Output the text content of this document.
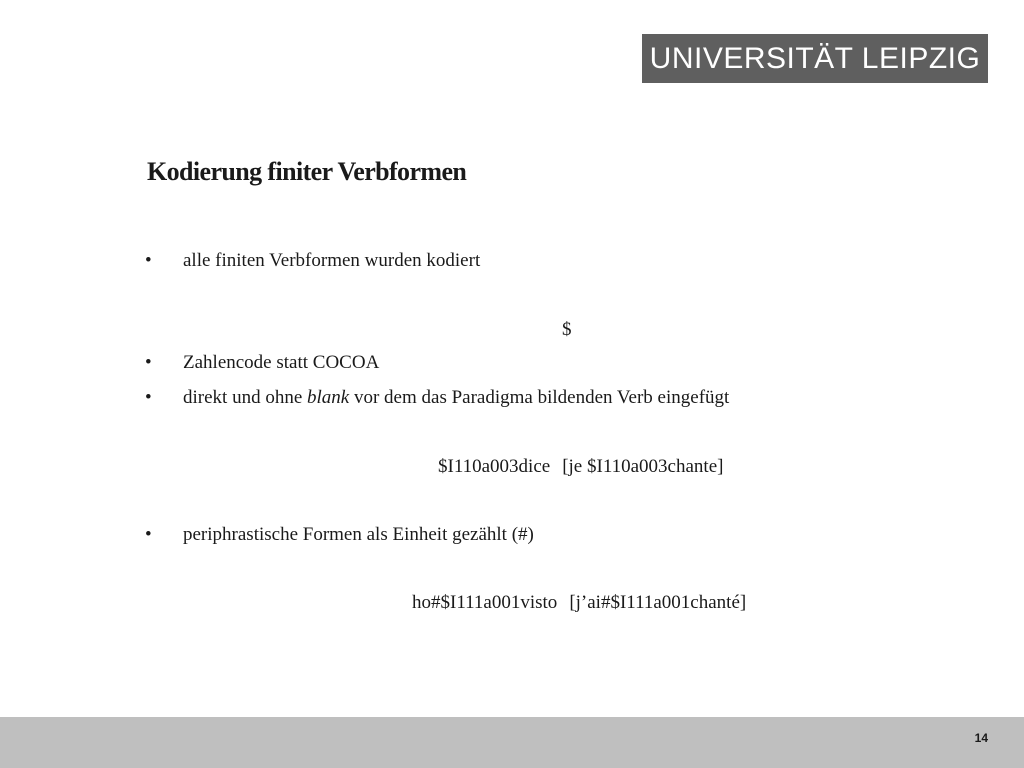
UNIVERSITÄT LEIPZIG
Kodierung finiter Verbformen
•	alle finiten Verbformen wurden kodiert
$
•	Zahlencode statt COCOA
•	direkt und ohne blank vor dem das Paradigma bildenden Verb eingefügt
$I110a003dice [je $I110a003chante]
•	periphrastische Formen als Einheit gezählt (#)
ho#$I111a001visto [j’ai#$I111a001chanté]
14
